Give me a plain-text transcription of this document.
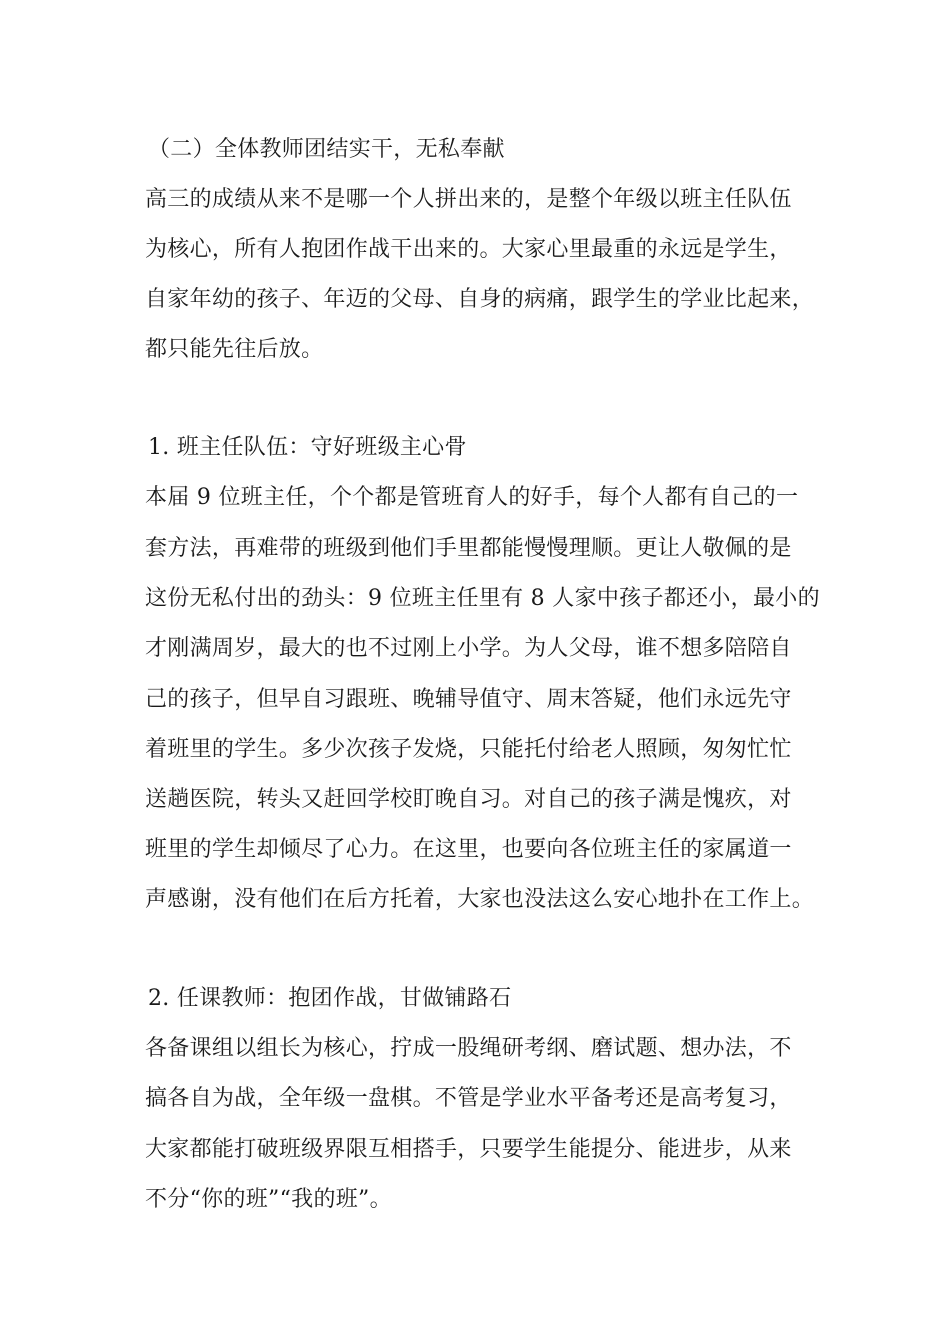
（二）全体教师团结实干，无私奉献
高三的成绩从来不是哪一个人拼出来的，是整个年级以班主任队伍
为核心，所有人抱团作战干出来的。大家心里最重的永远是学生，
自家年幼的孩子、年迈的父母、自身的病痛，跟学生的学业比起来，
都只能先往后放。
1. 班主任队伍：守好班级主心骨
本届 9 位班主任，个个都是管班育人的好手，每个人都有自己的一
套方法，再难带的班级到他们手里都能慢慢理顺。更让人敬佩的是
这份无私付出的劲头：9 位班主任里有 8 人家中孩子都还小，最小的
才刚满周岁，最大的也不过刚上小学。为人父母，谁不想多陪陪自
己的孩子，但早自习跟班、晚辅导值守、周末答疑，他们永远先守
着班里的学生。多少次孩子发烧，只能托付给老人照顾，匆匆忙忙
送趟医院，转头又赶回学校盯晚自习。对自己的孩子满是愧疚，对
班里的学生却倾尽了心力。在这里，也要向各位班主任的家属道一
声感谢，没有他们在后方托着，大家也没法这么安心地扑在工作上。
2. 任课教师：抱团作战，甘做铺路石
各备课组以组长为核心，拧成一股绳研考纲、磨试题、想办法，不
搞各自为战，全年级一盘棋。不管是学业水平备考还是高考复习，
大家都能打破班级界限互相搭手，只要学生能提分、能进步，从来
不分“你的班”“我的班”。
